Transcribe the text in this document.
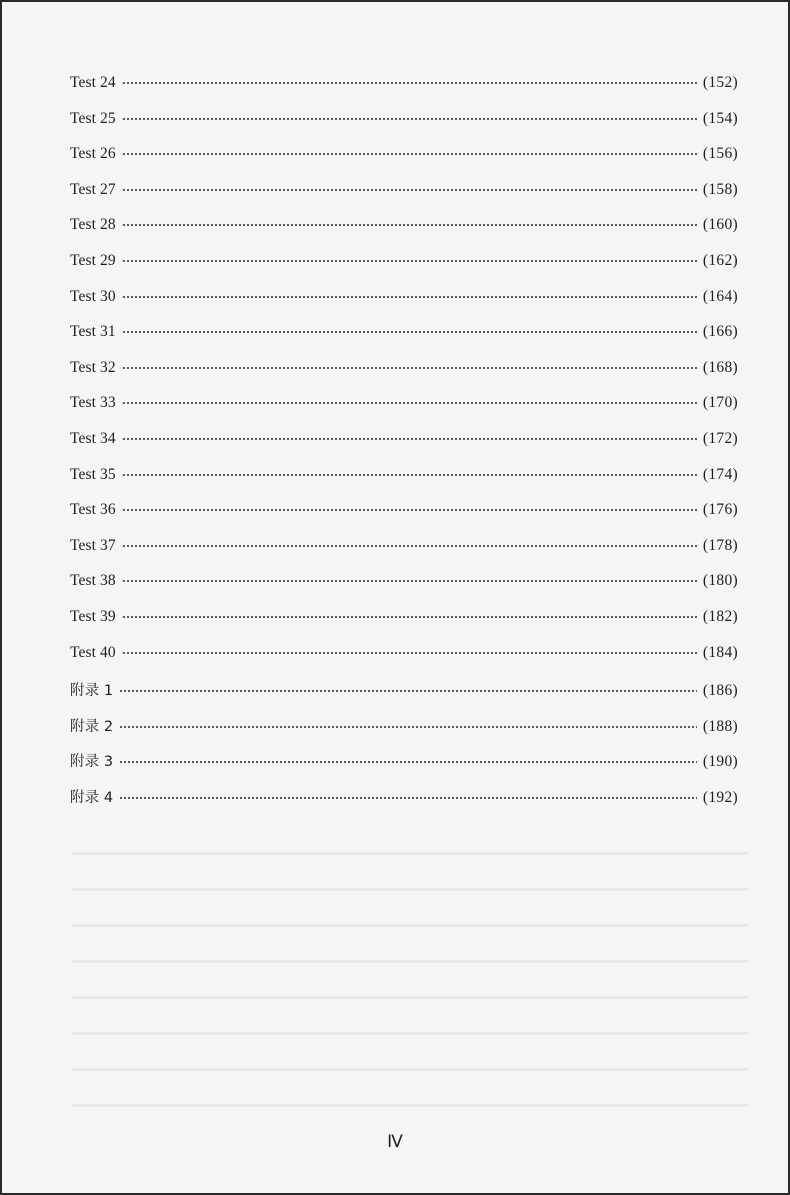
Test 24	(152)
Test 25	(154)
Test 26	(156)
Test 27	(158)
Test 28	(160)
Test 29	(162)
Test 30	(164)
Test 31	(166)
Test 32	(168)
Test 33	(170)
Test 34	(172)
Test 35	(174)
Test 36	(176)
Test 37	(178)
Test 38	(180)
Test 39	(182)
Test 40	(184)
附录 1	(186)
附录 2	(188)
附录 3	(190)
附录 4	(192)
Ⅳ
